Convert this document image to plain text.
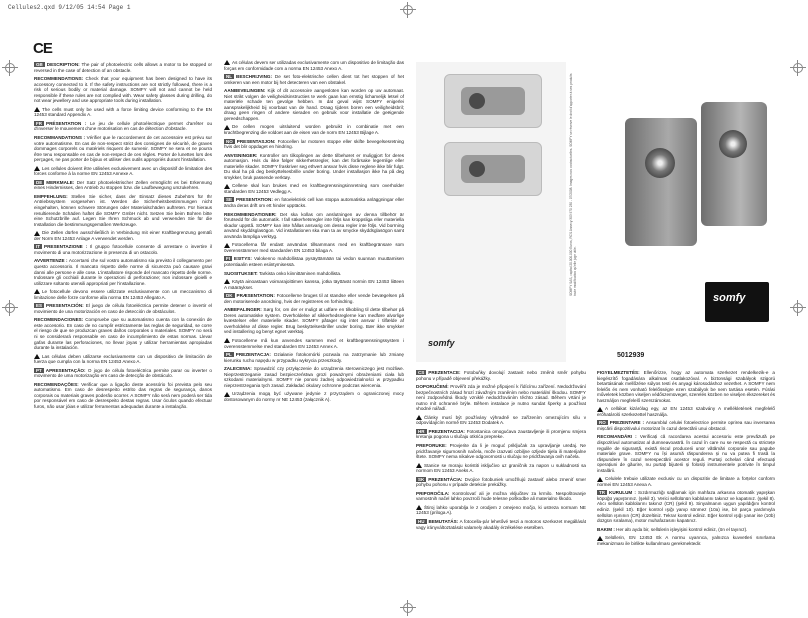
Cellules2.qxd 9/12/05 14:54 Page 1
CE
GB DESCRIPTION: The pair of photoelectric cells allows a motor to be stopped or reversed in the case of detection of an obstacle.
RECOMMENDATIONS: Check that your equipment has been designed to have its accessory connected to it. If the safety instructions are not strictly followed, there is a risk of serious bodily or material damage. SOMFY will not and cannot be held responsible if these rules are not complied with. Wear safety glasses during drilling, do not wear jewellery and use appropriate tools during installation.
The cells must only be used with a force limiting device conforming to the EN 12453 standard Appendix A.
FR PRÉSENTATION : Le jeu de cellule photoélectrique permet d'arrêter ou d'inverser le mouvement d'une motorisation en cas de détection d'obstacle.
RECOMMANDATIONS : Vérifier que le raccordement de cet accessoire est prévu sur votre automatisme. En cas de non-respect strict des consignes de sécurité, de graves dommages corporels ou matériels risquent de survenir. SOMFY ne sera et ne pourra être tenu responsable en cas de non-respect de ces règles. Porter de lunettes lors des perçages, ne pas porter de bijoux et utiliser des outils appropriés durant l'installation.
Les cellules doivent être utilisées exclusivement avec un dispositif de limitation des forces conforme à la norme EN 12453 Annexe A.
DE MERKMALE: Der Satz photoelektrischer Zellen ermöglicht es bei Erkennung eines Hindernisses, den Antrieb zu stoppen bzw. die Laufbewegung umzukehren.
EMPFEHLUNG: Stellen Sie sicher, dass der Einsatz dieses Zubehörs für Ihr Antriebssystem vorgesehen ist. Werden die Sicherheitsbestimmungen nicht eingehalten, können schwere Störungen oder Materialschäden auftreten. Für hieraus resultierende Schäden haftet die SOMFY GmbH nicht. Setzen Sie beim Bohren bitte eine Schutzbrille auf. Legen Sie Ihren Schmuck ab und verwenden Sie für die Installation die bestimmungsgemäßen Werkzeuge.
Die Zellen dürfen ausschließlich in Verbindung mit einer Kraftbegrenzung gemäß der Norm EN 12453 Anlage A verwendet werden.
IT PRESENTAZIONE : Il gruppo fotocellule consente di arrestare o invertire il movimento di una motorizzazione in presenza di un ostacolo.
AVVERTENZE : Accertarsi che sul vostro automatismo sia previsto il collegamento per questo accessorio. Il mancato rispetto delle norme di sicurezza può causare gravi danni alle persone e alle cose. L'installatore risponde del mancato rispetto delle norme. Indossare gli occhiali durante le operazioni di perforazione; non indossare gioielli e utilizzare soltanto utensili appropriati per l'installazione.
Le fotocellule devono essere utilizzate esclusivamente con un meccanismo di limitazione delle forze conforme alla norma EN 12453 Allegato A.
ES PRESENTACIÓN: El juego de célula fotoeléctrica permite detener o invertir el movimiento de una motorización en caso de detección de obstáculos.
RECOMENDACIONES: Compruebe que su automatismo cuenta con la conexión de este accesorio. En caso de no cumplir estrictamente las reglas de seguridad, se corre el riesgo de que se produzcan graves daños corporales o materiales. SOMFY no será ni se considerará responsable en caso de incumplimiento de estas normas. Llevar gafas durante las perforaciones, no llevar joyas y utilizar herramientas apropiadas durante la instalación.
Las células deben utilizarse exclusivamente con un dispositivo de limitación de fuerza que cumpla con la norma EN 12453 Anexo A.
PT APRESENTAÇÃO: O jogo de célula fotoeléctrica permite parar ou inverter o movimento de uma motorização em caso de detecção de obstáculo.
RECOMENDAÇÕES: Verificar que a ligação deste acessório foi prevista pelo seu automatismo. Em caso de desrespeito estrito das regras de segurança, danos corporais ou materiais graves poderão ocorrer. A SOMFY não será nem poderá ser tida por responsável em caso de desrespeito destas regras. Usar óculos quando efectuar furos, não usar jóias e utilizar ferramentas adequadas durante a instalação.
As células devem ser utilizadas exclusivamente com um dispositivo de limitação das forças em conformidade com a norma EN 12453 Anexo A.
NL BESCHRIJVING: De set foto-elektrische cellen dient tot het stoppen of het omkeren van een motor bij het detecteren van een obstakel.
AANBEVELINGEN: Kijk of dit accessoire aangesloten kan worden op uw automaat. Niet strikt volgen de veiligheidsinstructies te werk gaan kan ernstig lichamelijk letsel of materiële schade ten gevolge hebben. In dat geval wijst SOMFY enigerlei aansprakelijkheid bij voorbaat van de hand. Draag tijdens boren een veiligheidsbril; draag geen ringen of andere sieraden en gebruik voor installatie de geëigende gereedschappen.
De cellen mogen uitsluitend worden gebruikt in combinatie met een krachtbegrenzing die voldoet aan de eisen van de norm EN 12453 Bijlage A.
NO PRESENTASJON: Fotocellen lar motoren stoppe eller skifte bevegelsesretning hvis det blir oppdaget en hindring.
ANVISNINGER: Kontroller om tilkoplingen av dette tilbehøret er muliggjort for deres automasjon. Hvis du ikke følger sikkerhetsregler, kan det forårsake legemlige eller materielle skader. SOMFY fraskriver seg ethvert ansvar hvis disse reglene ikke blir fulgt. Du skal ha på deg beskyttelsesbrille under boring. Under installasjon ikke ha på deg smykker, bruk passende verktøy.
Cellene skal kun brukes med en kraftbegrensningsinnretning som overholder standarden EN 12453 Vedlegg A.
SE PRESENTATION: en fotoelektrisk cell kan stoppa automatiska anläggningar eller ändra deras drift om ett hinder upptäcks.
REKOMMENDATIONER: Det ska kollas om anslutningen av denna tillbehör är förutsedd för din automatik. I fall säkerhetsregler inte följs kan kroppsliga eller materiella skador uppstå. SOMFY kan inte hållas ansvarig om dessa regler inte följs. Vid borrning använd skyddsglasögon. Vid installationen ska man ta av smycke skyddsglasögon samt använda lämpliga verktyg.
Fotocellerna får endast användas tillsammans med en kraftbegränsare som överensstämmer med standarden EN 12453 bilaga A.
FI ESITYS: Valokenno mahdollistaa pysäyttämään tai vedon suunnan muuttamisen potentiaalin esteen esiintymisessä.
SUOSITUKSET: Tarkista onko kiinnittäminen mahdollista.
Käytä ainoastaan voimarajoittimen kanssa, jotka täyttävät normin EN 12453 liitteen A määräykset.
DK PRÆSENTATION: Fotocellerne bruges til at standse eller vende bevægelsen på den motoriserede anordning, hvis der registreres en forhindring.
ANBEFALINGER: Sørg for, om der er muligt at udføre en tilkobling til dette tilbehør på Deres automatiske system. Overholdelse af sikkerhedsreglerne kan medføre alvorlige kvæstelser eller materielle skader. SOMFY påtager sig intet ansvar i tilfælde af overholdelse af disse regler. Brug beskyttelsesbriller under boring. Bær ikke smykker ved installering og benyt egnet værktøj.
Fotocellerne må kun anvendes sammen med et kraftbegrænsningssystem i overensstemmelse med standarden EN 12453 Annex A.
PL PREZENTACJA: Działanie fotokomórki pozwala na zatrzymanie lub zmianę kierunku ruchu napędu w przypadku wykrycia przeszkody.
ZALECENIA: Sprawdzić czy przyłączenie do urządzenia sterowniczego jest możliwe. Nieprzestrzeganie zasad bezpieczeństwa grozi poważnymi obrażeniami ciała lub szkodami materialnymi. SOMFY nie ponosi żadnej odpowiedzialności w przypadku nieprzestrzegania tych zasad. Zakładać okulary ochronne podczas wiercenia.
Urządzenia mogą być używane jedynie z przyrządem o ograniczonej mocy dostosowanym do normy nr NE 12453 (załącznik A).
CS PREZENTACE: Fotobuňky dovolují zastavit nebo změnit směr pohybu pohonu v případě objevení překážky.
DOPORUČENÍ: Prověřit zda je možné připojení k řídícímu zařízení. Nedodržování bezpečnostních zásad hrozí závažným zraněním nebo materiální škodou. SOMFY není zodpovědná škody vzniklé nedodržováním těchto zásad. Během vrtání je nutno mít ochranné brýle. Během instalace je nutno sundat šperky a používat vhodné nářadí.
Články musí být používány výhradně se zařízením omezujícím sílu v odpovídajícím normě EN 12453 Dodatek A.
HR PREZENTACIJA: Fotostanica omogućava zaustavljenje ili promjenu smjera kretanja pogona u slučaju otkrića prepreke.
PREPORUKE: Provjerite da li je moguć priključak za upravljanje uređaj. Ne pridržavanje sigurnosnih načela, može izazvati ozbiljne ozljede tijela ili materijalne štete. SOMFY nema nikakve odgovornosti u slučaju ne pridržavanja ovih načela.
Stanice se moraju koristiti isključivo uz graničnik za napon u sukladnosti sa normom EN 12453 Aneks A.
SK PREZENTÁCIA: Dvojice fotobuniek umožňujú zastaviť alebo zmeniť smer pohybu pohonu v prípade detekcie prekážky.
PRIPOROČILA: Kontrolovať ali je možna vključitev za krmilo. Nespoštovanje varnostnih načel lahko povzroči hude telesne poškodbe ali materialno škodo.
Štiroj lahko uporablja le z orodjem z omejeno močjo, ki ustreza normam NE 12453 (priloga A).
HU BEMUTATÁS: A fotocella-pár lehetővé teszi a motoros szerkezet megállását vagy irányváltoztatását valamely akadály érzékelése esetében.
FIGYELMEZTETÉS: Ellenőrizze, hogy az automata szerkezet rendelkezik-e a kiegészítő fogadására alkalmas csatlakozóval. A biztonsági szabályok szigorú betartásának mellőzése súlyos testi és anyagi károsodáshoz vezethet. A SOMFY nem felelős és nem vonható felelősségre ezen szabályok be nem tartása esetén. Fúrási műveletek közben viseljen védőszemüveget, szerelés közben ne viseljen ékszereket és használjon megfelelő szerszámokat.
A cellákat kizárólag egy, az EN 12453 szabvány A mellékletének megfelelő erőhatároló szerkezettel használja.
RO PREZENTARE : Ansamblul celulei fotoelectrice permite oprirea sau inversarea mișcării dispozitivului motorizat în cazul detectării unui obstacol.
RECOMANDĂRI : Verificați că racordarea acestui accesoriu este prevăzută pe dispozitivul automatizat al dumneavoastră. În cazul în care nu se respectă cu strictețe regulile de siguranță, există riscul producerii unor vătămări corporale sau pagube materiale grave. SOMFY nu își asumă răspunderea și nu va putea fi trasă la răspundere în cazul nerespectării acestor reguli. Purtați ochelari când efectuați operațiuni de găurire, nu purtați bijuterii și folosiți instrumentele potrivite în timpul instalării.
Celulele trebuie utilizate exclusiv cu un dispozitiv de limitare a forțelor conform normei EN 12453 Anexa A.
TR KURULUM : Sızdırmazlığı sağlamak için mahfaza arkasına otomatik yapışkan köpüğü yapıştırınız. (şekil 3). Verici sellülünün kablolarını takınız ve kapatınız. (şekil 8). Alıcı sellülün kablolarını takınız (CR) (şekil 9). Sinyalmanın uygun yapıldığını kontrol ediniz. (şekil 10). Eğer kontrol ışığı yanıp sönmez (10a) ise, bir parça yardımıyla sellülün ışınının (CR) düzeltiniz. Tekrar kontrol ediniz. Eğer kontrol ışığı yanar ise (10b) düzgün sıralama), motor muhafazasını kapatınız.
BAKIM : Her altı ayda bir, sellülerin işleyişini kontrol ediniz, (ön el tayınız).
Selüllerin, EN 12453 Ek A normu uyarınca, yalnızca kuvvetleri sınırlama mekanizması ile birlikte kullanılması gerekmektedir.
somfy
SOMFY SAS, capital 20.000.000 Euros, RCS Annecy 303 970 230 - 07/2008. Images non contractuelles. SOMFY se réserve le droit d'apporter à ses produits toute modification qu'elle juge utile.
somfy
5012939
